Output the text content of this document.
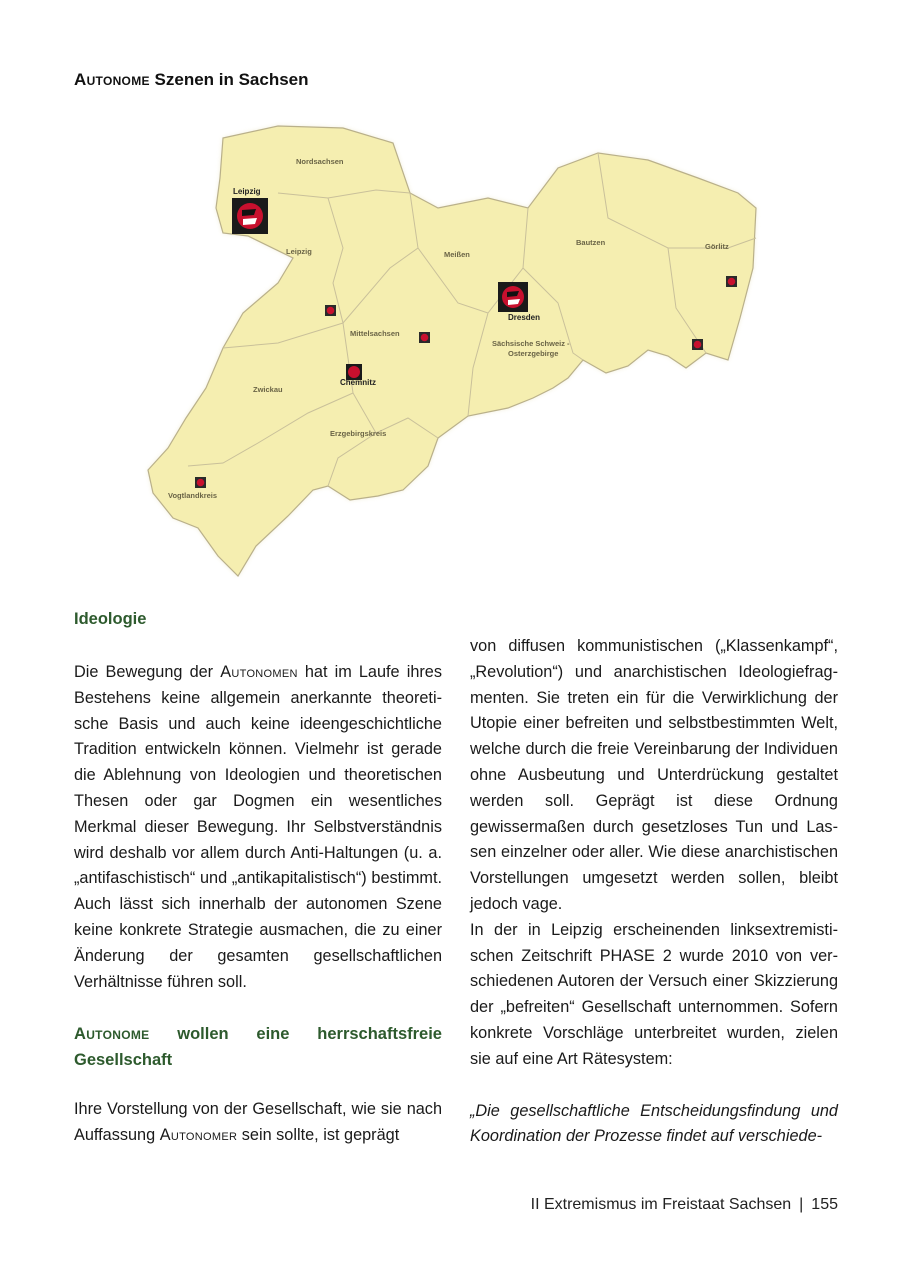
Autonome Szenen in Sachsen
Nordsachsen
Leipzig	Meißen
Bautzen	Görlitz
Mittelsachsen
Sächsische Schweiz -
Osterzgebirge
Zwickau
Erzgebirgskreis
Vogtlandkreis
Leipzig
Dresden
Chemnitz
Ideologie

Die Bewegung der Autonomen hat im Laufe ihres Bestehens keine allgemein anerkannte theoretische Basis und auch keine ideengeschichtliche Tradition entwickeln können. Vielmehr ist gerade die Ablehnung von Ideologien und theoretischen Thesen oder gar Dogmen ein wesentliches Merkmal dieser Bewegung. Ihr Selbstverständnis wird deshalb vor allem durch Anti-Haltungen (u. a. „antifaschistisch“ und „antikapitalistisch“) bestimmt. Auch lässt sich innerhalb der autonomen Szene keine konkrete Strategie ausmachen, die zu einer Änderung der gesamten gesellschaftlichen Verhältnisse führen soll.

Autonome wollen eine herrschaftsfreie Gesellschaft

Ihre Vorstellung von der Gesellschaft, wie sie nach Auffassung Autonomer sein sollte, ist geprägt

von diffusen kommunistischen („Klassenkampf“, „Revolution“) und anarchistischen Ideologiefragmenten. Sie treten ein für die Verwirklichung der Utopie einer befreiten und selbstbestimmten Welt, welche durch die freie Vereinbarung der Individuen ohne Ausbeutung und Unterdrückung gestaltet werden soll. Geprägt ist diese Ordnung gewissermaßen durch gesetzloses Tun und Lassen einzelner oder aller. Wie diese anarchistischen Vorstellungen umgesetzt werden sollen, bleibt jedoch vage.

In der in Leipzig erscheinenden linksextremistischen Zeitschrift PHASE 2 wurde 2010 von verschiedenen Autoren der Versuch einer Skizzierung der „befreiten“ Gesellschaft unternommen. Sofern konkrete Vorschläge unterbreitet wurden, zielen sie auf eine Art Rätesystem:

„Die gesellschaftliche Entscheidungsfindung und Koordination der Prozesse findet auf verschiede-

II Extremismus im Freistaat Sachsen | 155
